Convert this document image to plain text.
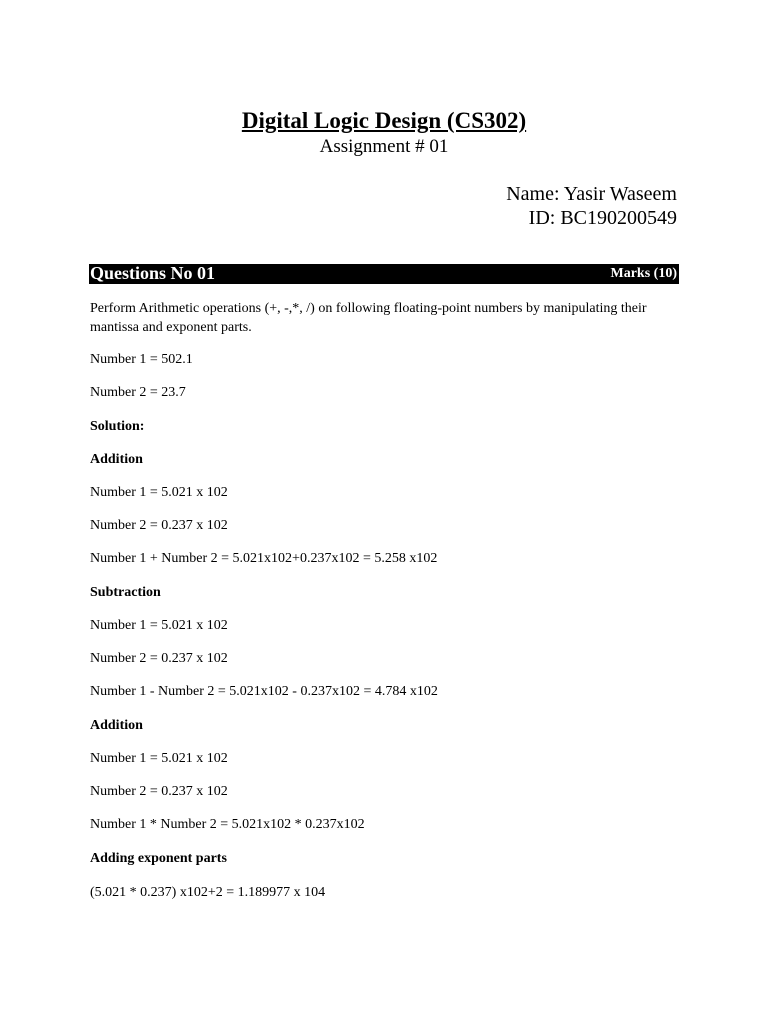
Digital Logic Design (CS302)
Assignment # 01
Name: Yasir Waseem
ID: BC190200549
Questions No 01	Marks (10)
Perform Arithmetic operations (+, -,*, /) on following floating-point numbers by manipulating their mantissa and exponent parts.
Number 1 = 502.1
Number 2 = 23.7
Solution:
Addition
Number 1 = 5.021 x 102
Number 2 = 0.237 x 102
Number 1 + Number 2 = 5.021x102+0.237x102 = 5.258 x102
Subtraction
Number 1 = 5.021 x 102
Number 2 = 0.237 x 102
Number 1 - Number 2 = 5.021x102 - 0.237x102 = 4.784 x102
Addition
Number 1 = 5.021 x 102
Number 2 = 0.237 x 102
Number 1 * Number 2 = 5.021x102 * 0.237x102
Adding exponent parts
(5.021 * 0.237) x102+2 = 1.189977 x 104
